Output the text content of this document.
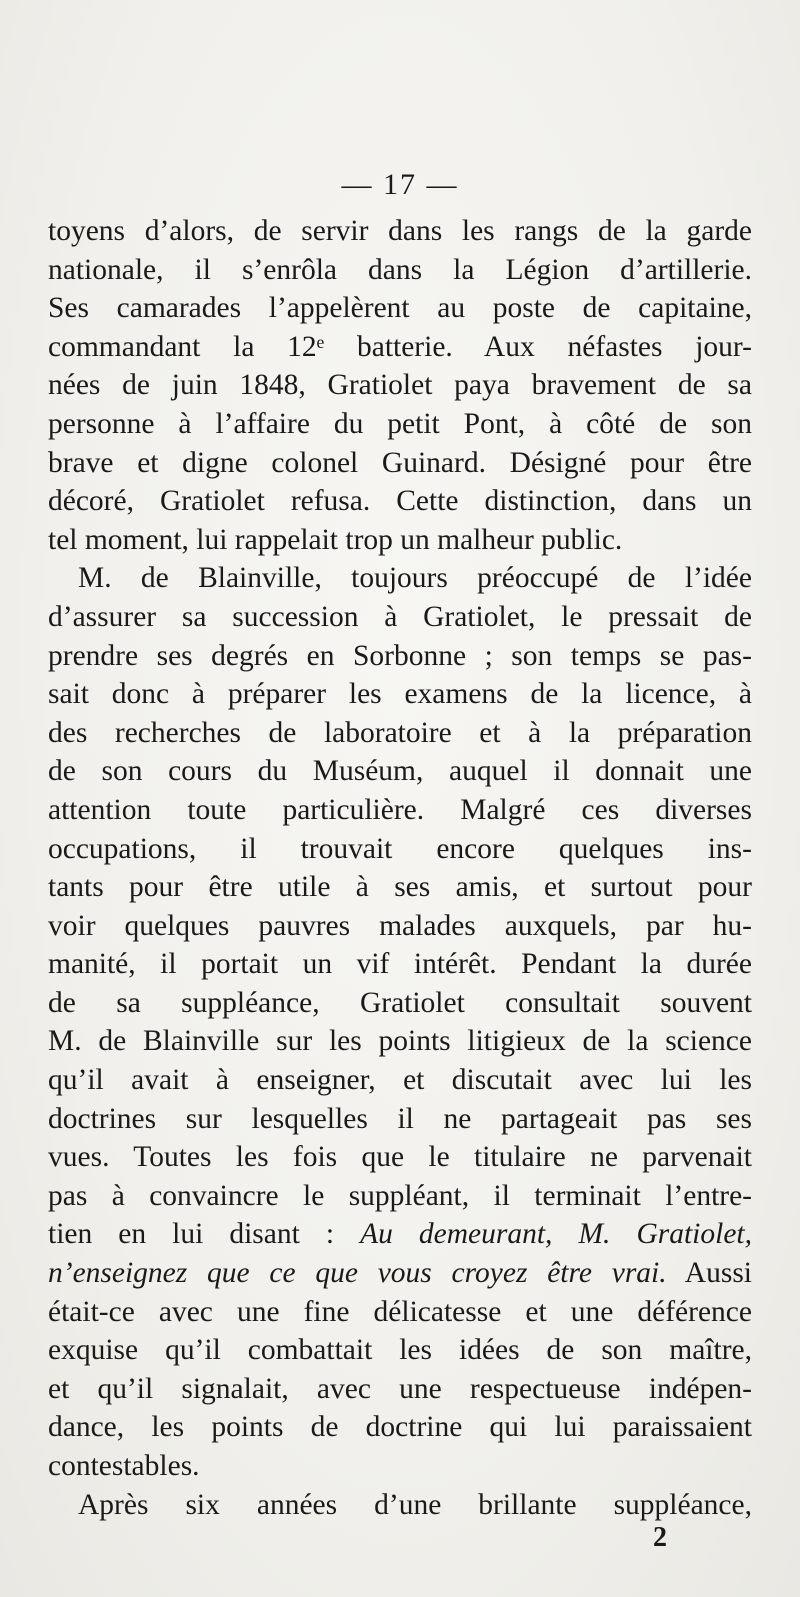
— 17 —
toyens d’alors, de servir dans les rangs de la garde
nationale, il s’enrôla dans la Légion d’artillerie.
Ses camarades l’appelèrent au poste de capitaine,
commandant la 12ᵉ batterie. Aux néfastes jour-
nées de juin 1848, Gratiolet paya bravement de sa
personne à l’affaire du petit Pont, à côté de son
brave et digne colonel Guinard. Désigné pour être
décoré, Gratiolet refusa. Cette distinction, dans un
tel moment, lui rappelait trop un malheur public.
M. de Blainville, toujours préoccupé de l’idée
d’assurer sa succession à Gratiolet, le pressait de
prendre ses degrés en Sorbonne ; son temps se pas-
sait donc à préparer les examens de la licence, à
des recherches de laboratoire et à la préparation
de son cours du Muséum, auquel il donnait une
attention toute particulière. Malgré ces diverses
occupations, il trouvait encore quelques ins-
tants pour être utile à ses amis, et surtout pour
voir quelques pauvres malades auxquels, par hu-
manité, il portait un vif intérêt. Pendant la durée
de sa suppléance, Gratiolet consultait souvent
M. de Blainville sur les points litigieux de la science
qu’il avait à enseigner, et discutait avec lui les
doctrines sur lesquelles il ne partageait pas ses
vues. Toutes les fois que le titulaire ne parvenait
pas à convaincre le suppléant, il terminait l’entre-
tien en lui disant : Au demeurant, M. Gratiolet,
n’enseignez que ce que vous croyez être vrai. Aussi
était-ce avec une fine délicatesse et une déférence
exquise qu’il combattait les idées de son maître,
et qu’il signalait, avec une respectueuse indépen-
dance, les points de doctrine qui lui paraissaient
contestables.
Après six années d’une brillante suppléance,
2
